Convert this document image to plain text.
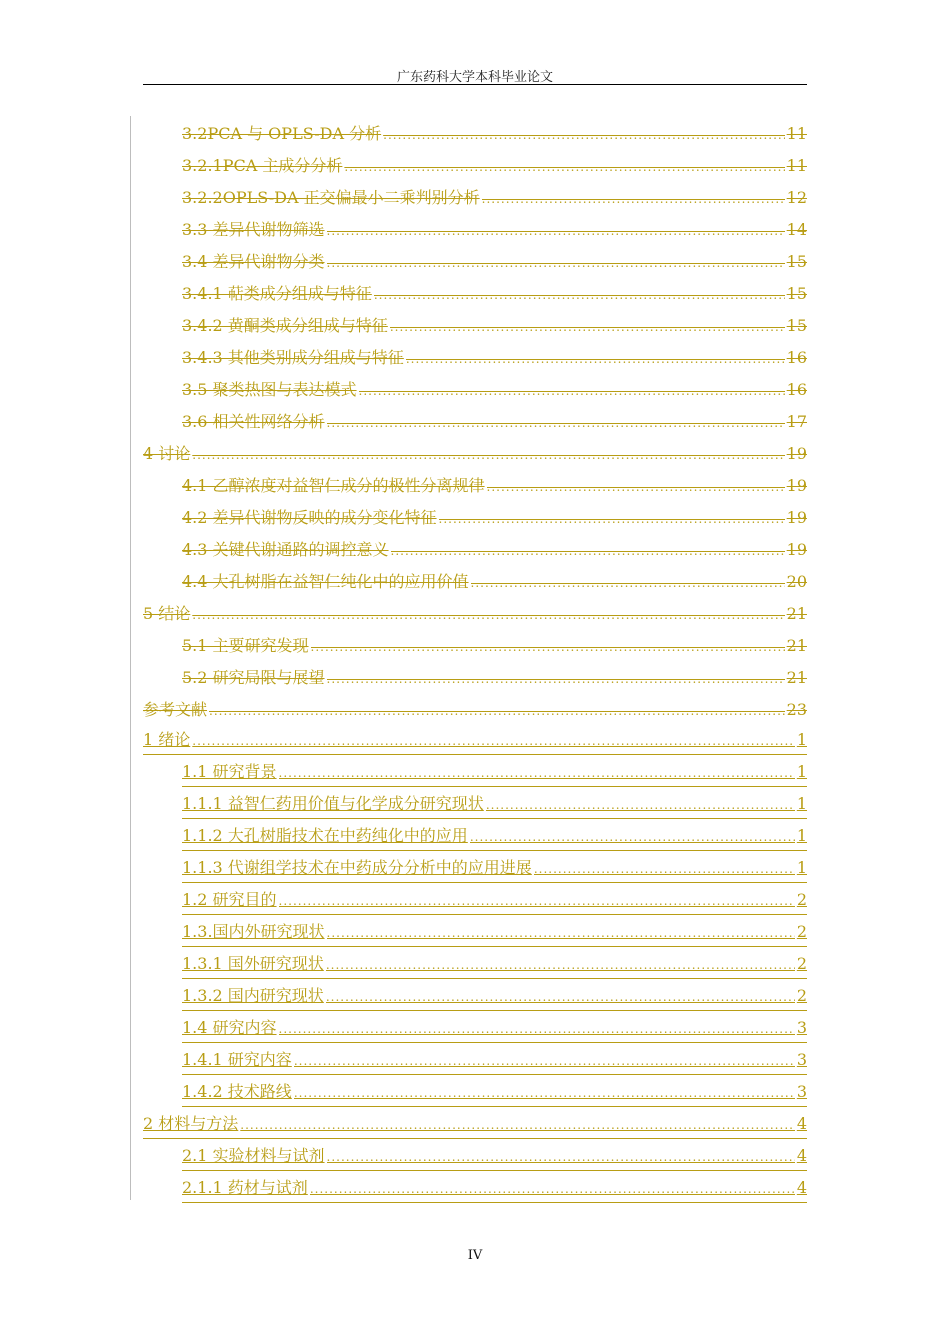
广东药科大学本科毕业论文
3.2PCA 与 OPLS-DA 分析 .....	11
3.2.1PCA 主成分分析 .....	11
3.2.2OPLS-DA 正交偏最小二乘判别分析 .....	12
3.3 差异代谢物筛选 .....	14
3.4 差异代谢物分类 .....	15
3.4.1 萜类成分组成与特征 .....	15
3.4.2 黄酮类成分组成与特征 .....	15
3.4.3 其他类别成分组成与特征 .....	16
3.5 聚类热图与表达模式 .....	16
3.6 相关性网络分析 .....	17
4 讨论 .....	19
4.1 乙醇浓度对益智仁成分的极性分离规律 .....	19
4.2 差异代谢物反映的成分变化特征 .....	19
4.3 关键代谢通路的调控意义 .....	19
4.4 大孔树脂在益智仁纯化中的应用价值 .....	20
5 结论 .....	21
5.1 主要研究发现 .....	21
5.2 研究局限与展望 .....	21
参考文献 .....	23
1 绪论 .....	1
1.1 研究背景 .....	1
1.1.1 益智仁药用价值与化学成分研究现状 .....	1
1.1.2 大孔树脂技术在中药纯化中的应用 .....	1
1.1.3 代谢组学技术在中药成分分析中的应用进展 .....	1
1.2 研究目的 .....	2
1.3.国内外研究现状 .....	2
1.3.1 国外研究现状 .....	2
1.3.2 国内研究现状 .....	2
1.4 研究内容 .....	3
1.4.1 研究内容 .....	3
1.4.2 技术路线 .....	3
2 材料与方法 .....	4
2.1 实验材料与试剂 .....	4
2.1.1 药材与试剂 .....	4
IV
